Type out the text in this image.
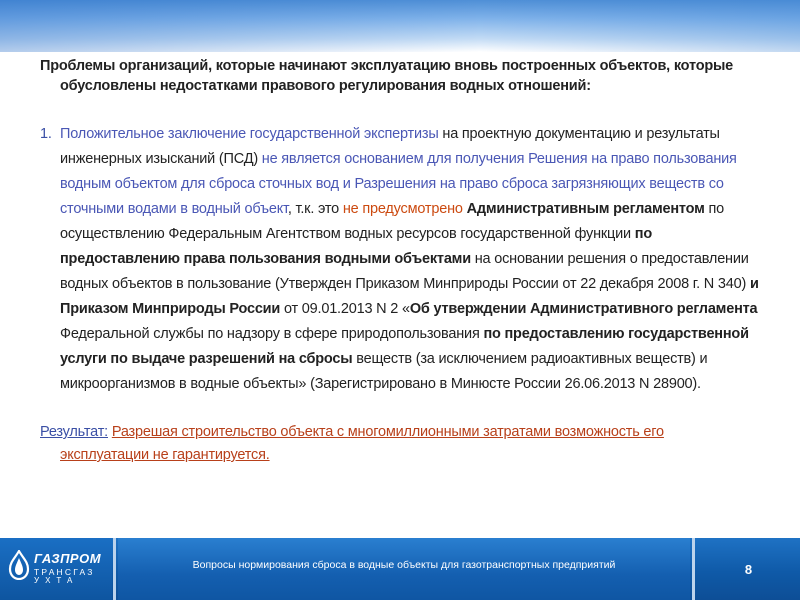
Проблемы организаций, которые начинают эксплуатацию вновь построенных объектов, которые
обусловлены недостатками правового регулирования водных отношений:

1. Положительное заключение государственной экспертизы на проектную документацию и результаты инженерных изысканий (ПСД) не является основанием для получения Решения на право пользования водным объектом для сброса сточных вод и Разрешения на право сброса загрязняющих веществ со сточными водами в водный объект, т.к. это не предусмотрено Административным регламентом по осуществлению Федеральным Агентством водных ресурсов государственной функции по предоставлению права пользования водными объектами на основании решения о предоставлении водных объектов в пользование (Утвержден Приказом Минприроды России от 22 декабря 2008 г. N 340) и Приказом Минприроды России от 09.01.2013 N 2 «Об утверждении Административного регламента Федеральной службы по надзору в сфере природопользования по предоставлению государственной услуги по выдаче разрешений на сбросы веществ (за исключением радиоактивных веществ) и микроорганизмов в водные объекты» (Зарегистрировано в Минюсте России 26.06.2013 N 28900).
Результат: Разрешая строительство объекта с многомиллионными затратами возможность его
эксплуатации не гарантируется.
ГАЗПРОМ
ТРАНСГАЗ
УХТА
Вопросы нормирования сброса в водные объекты для газотранспортных предприятий	8
